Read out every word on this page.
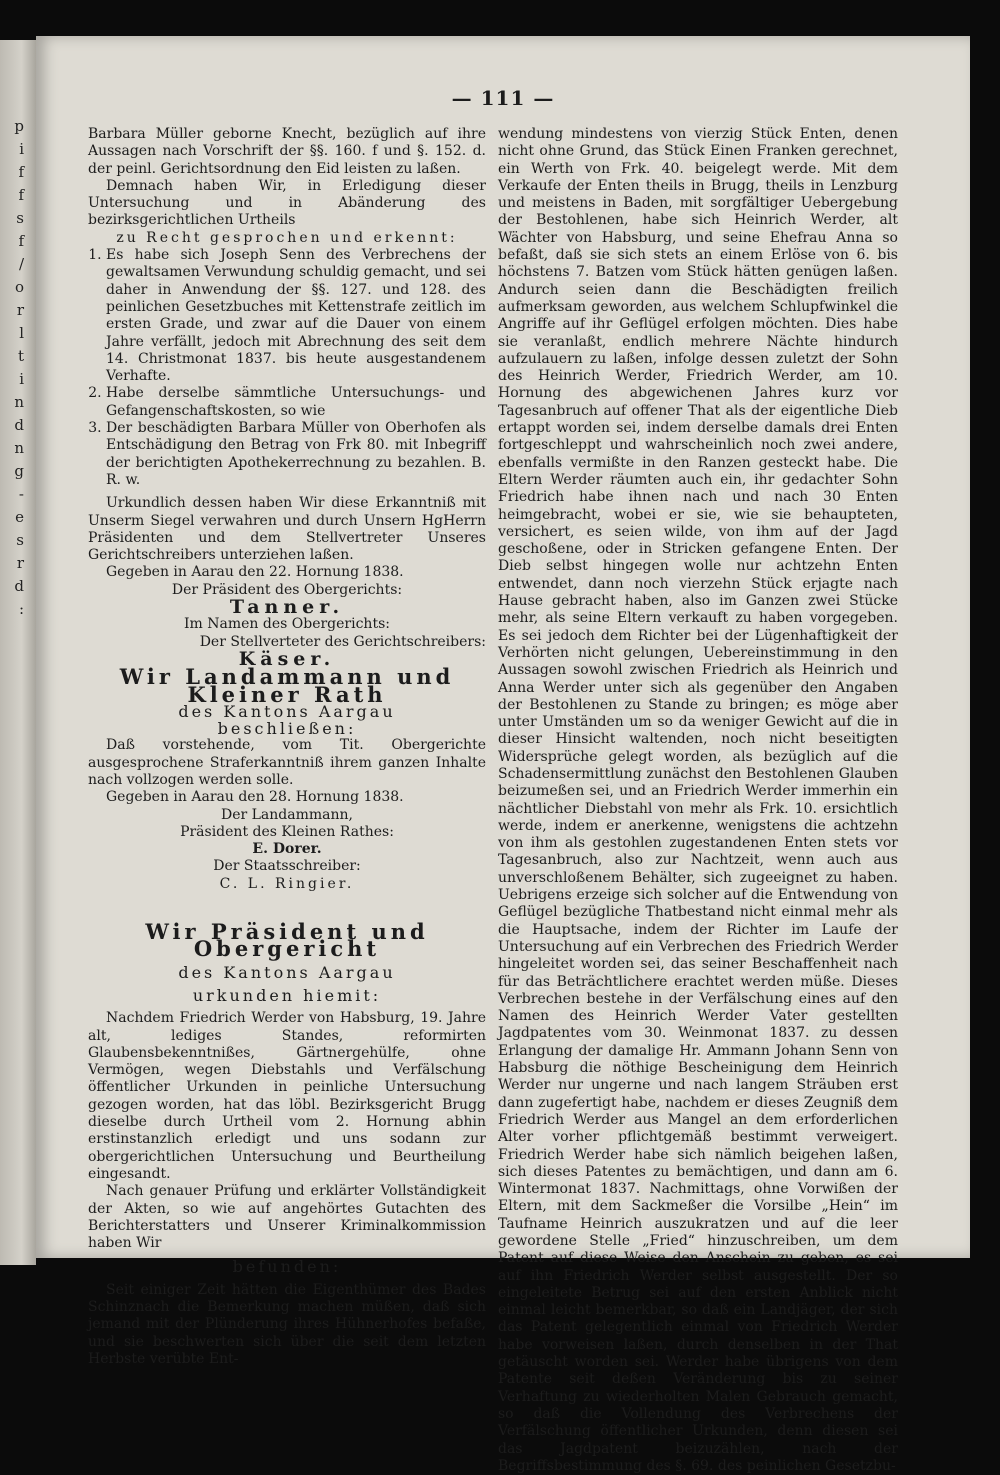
p
i
f
f
s
f
/
o
r
l
t
i
n
d
n
g
-
e
s
r
d
:
— 111 —

Barbara Müller geborne Knecht, bezüglich auf ihre Aussagen nach Vorschrift der §§. 160. f und §. 152. d. der peinl. Gerichtsordnung den Eid leisten zu laßen.

Demnach haben Wir, in Erledigung dieser Untersuchung und in Abänderung des bezirksgerichtlichen Urtheils

zu Recht gesprochen und erkennt:

1. Es habe sich Joseph Senn des Verbrechens der gewaltsamen Verwundung schuldig gemacht, und sei daher in Anwendung der §§. 127. und 128. des peinlichen Gesetzbuches mit Kettenstrafe zeitlich im ersten Grade, und zwar auf die Dauer von einem Jahre verfällt, jedoch mit Abrechnung des seit dem 14. Christmonat 1837. bis heute ausgestandenem Verhafte.
2. Habe derselbe sämmtliche Untersuchungs- und Gefangenschaftskosten, so wie
3. Der beschädigten Barbara Müller von Oberhofen als Entschädigung den Betrag von Frk 80. mit Inbegriff der berichtigten Apothekerrechnung zu bezahlen. B. R. w.

Urkundlich dessen haben Wir diese Erkanntniß mit Unserm Siegel verwahren und durch Unsern HgHerrn Präsidenten und dem Stellvertreter Unseres Gerichtschreibers unterziehen laßen.

Gegeben in Aarau den 22. Hornung 1838.

Der Präsident des Obergerichts:

Tanner.

Im Namen des Obergerichts:

Der Stellverteter des Gerichtschreibers:

Käser.

Wir Landammann und Kleiner Rath

des Kantons Aargau

beschließen:

Daß vorstehende, vom Tit. Obergerichte ausgesprochene Straferkanntniß ihrem ganzen Inhalte nach vollzogen werden solle.

Gegeben in Aarau den 28. Hornung 1838.

Der Landammann,

Präsident des Kleinen Rathes:

E. Dorer.

Der Staatsschreiber:

C. L. Ringier.

Wir Präsident und Obergericht

des Kantons Aargau

urkunden hiemit:

Nachdem Friedrich Werder von Habsburg, 19. Jahre alt, lediges Standes, reformirten Glaubensbekenntnißes, Gärtnergehülfe, ohne Vermögen, wegen Diebstahls und Verfälschung öffentlicher Urkunden in peinliche Untersuchung gezogen worden, hat das löbl. Bezirksgericht Brugg dieselbe durch Urtheil vom 2. Hornung abhin erstinstanzlich erledigt und uns sodann zur obergerichtlichen Untersuchung und Beurtheilung eingesandt.

Nach genauer Prüfung und erklärter Vollständigkeit der Akten, so wie auf angehörtes Gutachten des Berichterstatters und Unserer Kriminalkommission haben Wir

befunden:

Seit einiger Zeit hätten die Eigenthümer des Bades Schinznach die Bemerkung machen müßen, daß sich jemand mit der Plünderung ihres Hühnerhofes befaße, und sie beschwerten sich über die seit dem letzten Herbste verübte Ent-

wendung mindestens von vierzig Stück Enten, denen nicht ohne Grund, das Stück Einen Franken gerechnet, ein Werth von Frk. 40. beigelegt werde. Mit dem Verkaufe der Enten theils in Brugg, theils in Lenzburg und meistens in Baden, mit sorgfältiger Uebergebung der Bestohlenen, habe sich Heinrich Werder, alt Wächter von Habsburg, und seine Ehefrau Anna so befaßt, daß sie sich stets an einem Erlöse von 6. bis höchstens 7. Batzen vom Stück hätten genügen laßen. Andurch seien dann die Beschädigten freilich aufmerksam geworden, aus welchem Schlupfwinkel die Angriffe auf ihr Geflügel erfolgen möchten. Dies habe sie veranlaßt, endlich mehrere Nächte hindurch aufzulauern zu laßen, infolge dessen zuletzt der Sohn des Heinrich Werder, Friedrich Werder, am 10. Hornung des abgewichenen Jahres kurz vor Tagesanbruch auf offener That als der eigentliche Dieb ertappt worden sei, indem derselbe damals drei Enten fortgeschleppt und wahrscheinlich noch zwei andere, ebenfalls vermißte in den Ranzen gesteckt habe. Die Eltern Werder räumten auch ein, ihr gedachter Sohn Friedrich habe ihnen nach und nach 30 Enten heimgebracht, wobei er sie, wie sie behaupteten, versichert, es seien wilde, von ihm auf der Jagd geschoßene, oder in Stricken gefangene Enten. Der Dieb selbst hingegen wolle nur achtzehn Enten entwendet, dann noch vierzehn Stück erjagte nach Hause gebracht haben, also im Ganzen zwei Stücke mehr, als seine Eltern verkauft zu haben vorgegeben. Es sei jedoch dem Richter bei der Lügenhaftigkeit der Verhörten nicht gelungen, Uebereinstimmung in den Aussagen sowohl zwischen Friedrich als Heinrich und Anna Werder unter sich als gegenüber den Angaben der Bestohlenen zu Stande zu bringen; es möge aber unter Umständen um so da weniger Gewicht auf die in dieser Hinsicht waltenden, noch nicht beseitigten Widersprüche gelegt worden, als bezüglich auf die Schadensermittlung zunächst den Bestohlenen Glauben beizumeßen sei, und an Friedrich Werder immerhin ein nächtlicher Diebstahl von mehr als Frk. 10. ersichtlich werde, indem er anerkenne, wenigstens die achtzehn von ihm als gestohlen zugestandenen Enten stets vor Tagesanbruch, also zur Nachtzeit, wenn auch aus unverschloßenem Behälter, sich zugeeignet zu haben. Uebrigens erzeige sich solcher auf die Entwendung von Geflügel bezügliche Thatbestand nicht einmal mehr als die Hauptsache, indem der Richter im Laufe der Untersuchung auf ein Verbrechen des Friedrich Werder hingeleitet worden sei, das seiner Beschaffenheit nach für das Beträchtlichere erachtet werden müße. Dieses Verbrechen bestehe in der Verfälschung eines auf den Namen des Heinrich Werder Vater gestellten Jagdpatentes vom 30. Weinmonat 1837. zu dessen Erlangung der damalige Hr. Ammann Johann Senn von Habsburg die nöthige Bescheinigung dem Heinrich Werder nur ungerne und nach langem Sträuben erst dann zugefertigt habe, nachdem er dieses Zeugniß dem Friedrich Werder aus Mangel an dem erforderlichen Alter vorher pflichtgemäß bestimmt verweigert. Friedrich Werder habe sich nämlich beigehen laßen, sich dieses Patentes zu bemächtigen, und dann am 6. Wintermonat 1837. Nachmittags, ohne Vorwißen der Eltern, mit dem Sackmeßer die Vorsilbe „Hein“ im Taufname Heinrich auszukratzen und auf die leer gewordene Stelle „Fried“ hinzuschreiben, um dem Patent auf diese Weise den Anschein zu geben, es sei auf ihn Friedrich Werder selbst ausgestellt. Der so eingeleitete Betrug sei auf den ersten Anblick nicht einmal leicht bemerkbar, so daß ein Landjäger, der sich das Patent gelegentlich einmal von Friedrich Werder habe vorweisen laßen, durch denselben in der That getäuscht worden sei. Werder habe übrigens von dem Patente seit deßen Veränderung bis zu seiner Verhaftung zu wiederholten Malen Gebrauch gemacht, so daß die Vollendung des Verbrechens der Verfälschung öffentlicher Urkunden, denn diesen sei das Jagdpatent beizuzählen, nach der Begriffsbestimmung des §. 69. des peinlichen Gesetzbu-
